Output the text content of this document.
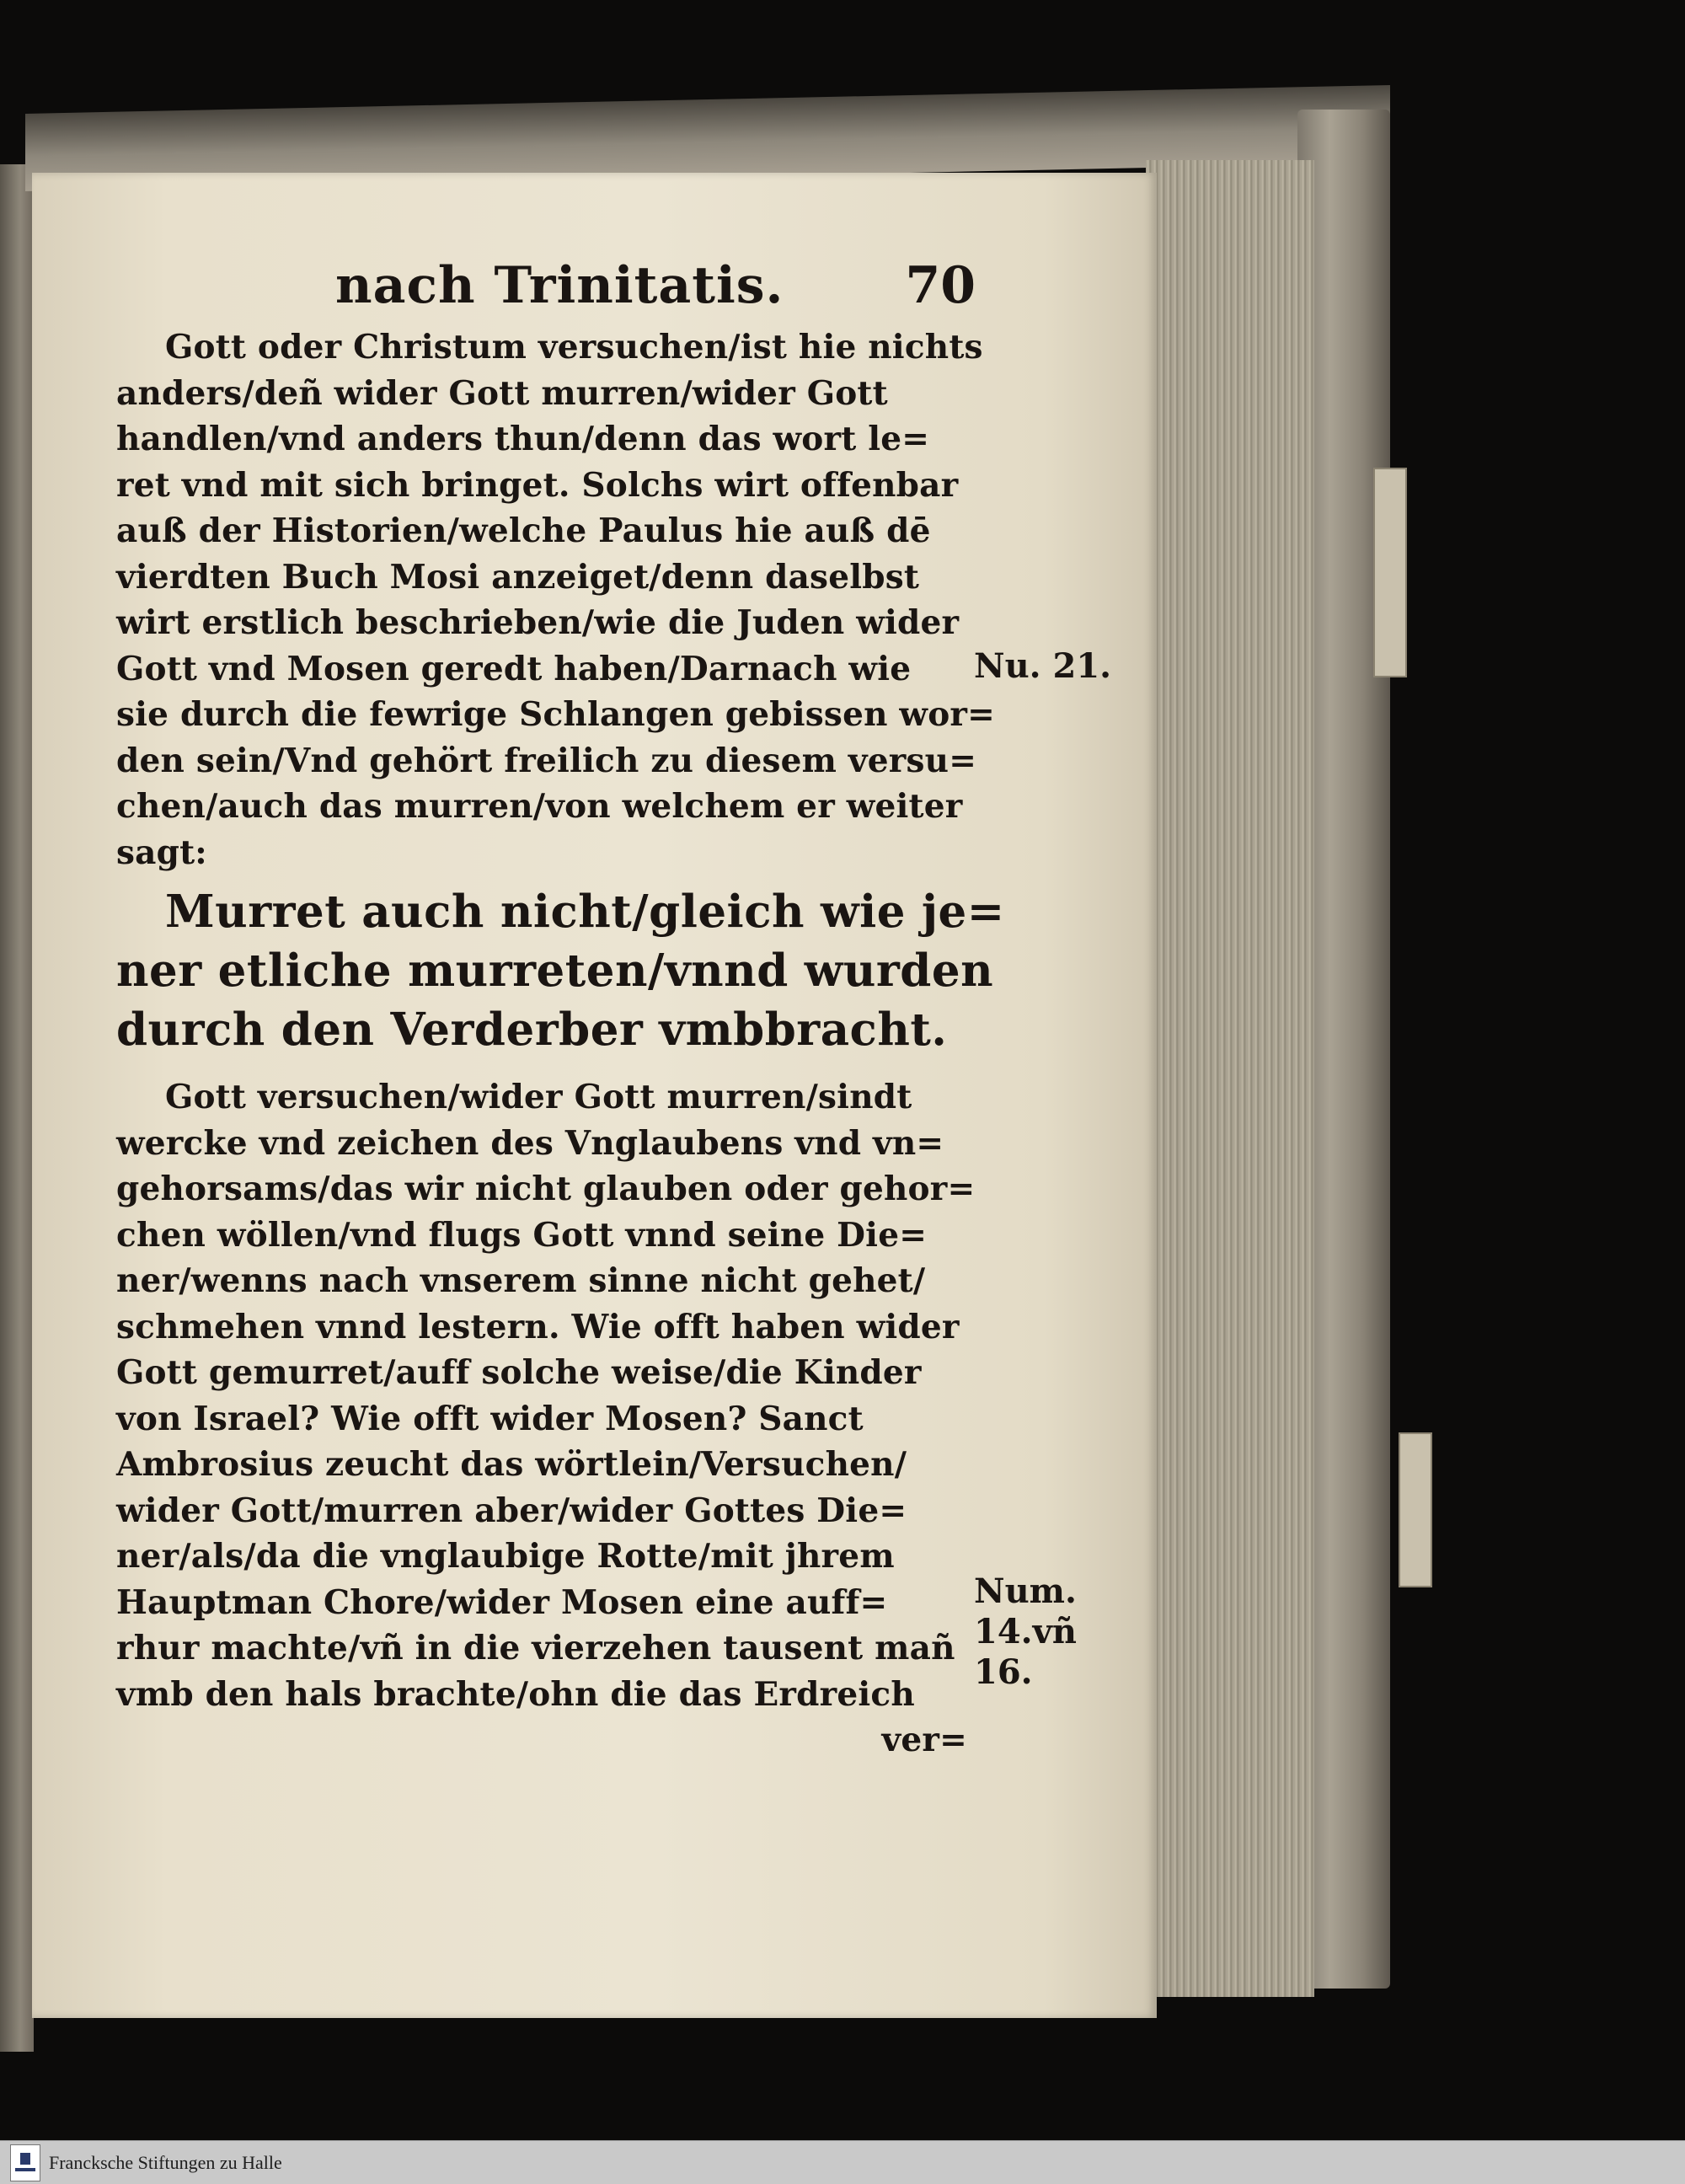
nach Trinitatis. 70
Gott oder Christum versuchen/ist hie nichts
anders/deñ wider Gott murren/wider Gott
handlen/vnd anders thun/denn das wort le=
ret vnd mit sich bringet. Solchs wirt offenbar
auß der Historien/welche Paulus hie auß dē
vierdten Buch Mosi anzeiget/denn daselbst
wirt erstlich beschrieben/wie die Juden wider
Gott vnd Mosen geredt haben/Darnach wie
sie durch die fewrige Schlangen gebissen wor=
den sein/Vnd gehört freilich zu diesem versu=
chen/auch das murren/von welchem er weiter
sagt:
Murret auch nicht/gleich wie je=
ner etliche murreten/vnnd wurden
durch den Verderber vmbbracht.
Gott versuchen/wider Gott murren/sindt
wercke vnd zeichen des Vnglaubens vnd vn=
gehorsams/das wir nicht glauben oder gehor=
chen wöllen/vnd flugs Gott vnnd seine Die=
ner/wenns nach vnserem sinne nicht gehet/
schmehen vnnd lestern. Wie offt haben wider
Gott gemurret/auff solche weise/die Kinder
von Israel? Wie offt wider Mosen? Sanct
Ambrosius zeucht das wörtlein/Versuchen/
wider Gott/murren aber/wider Gottes Die=
ner/als/da die vnglaubige Rotte/mit jhrem
Hauptman Chore/wider Mosen eine auff=
rhur machte/vñ in die vierzehen tausent mañ
vmb den hals brachte/ohn die das Erdreich
ver=
Nu. 21.
Num.
14.vñ
16.
Francksche Stiftungen zu Halle
